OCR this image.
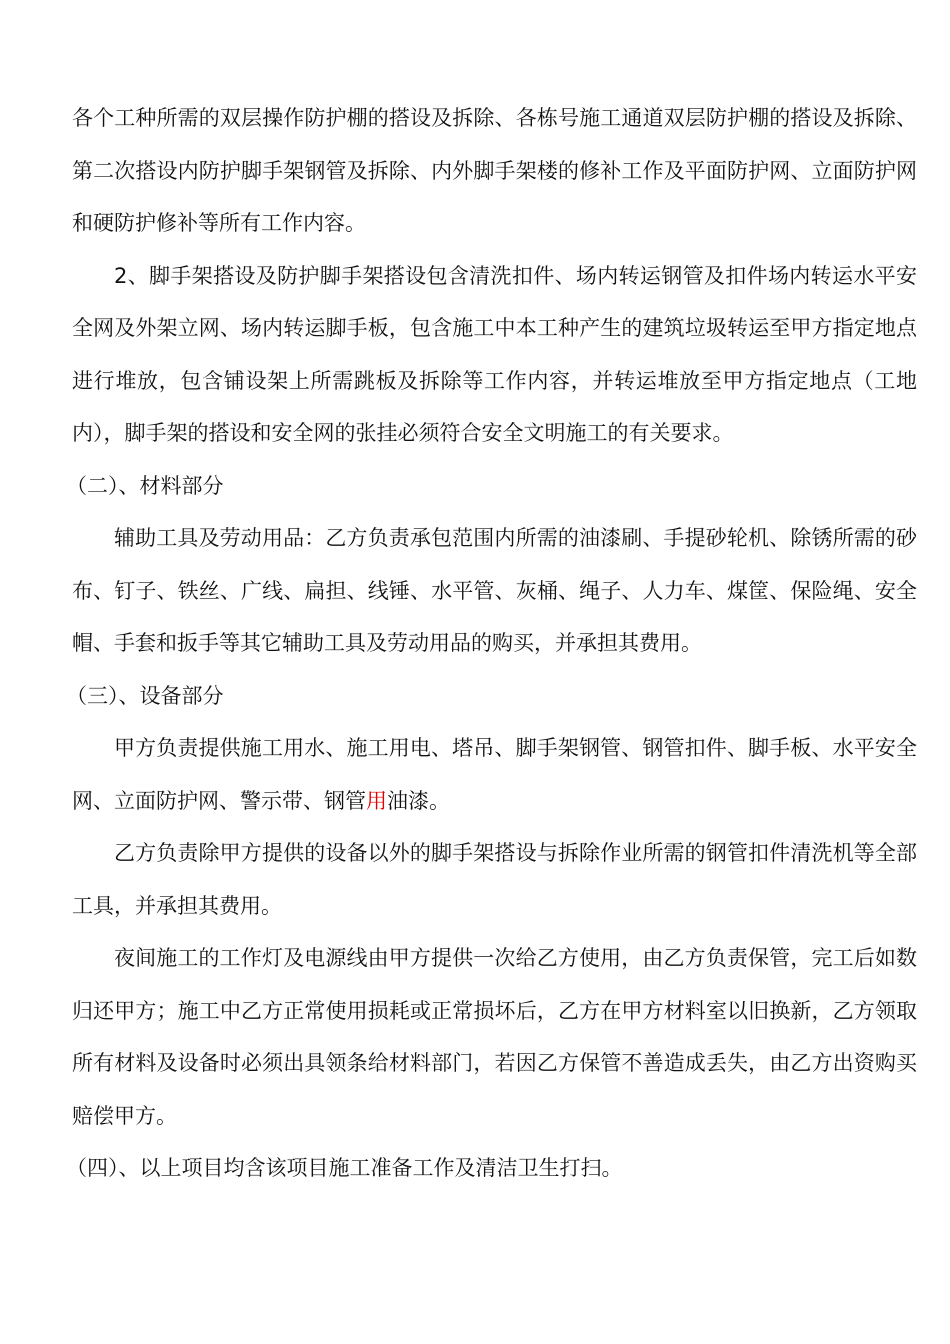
各个工种所需的双层操作防护棚的搭设及拆除、各栋号施工通道双层防护棚的搭设及拆除、第二次搭设内防护脚手架钢管及拆除、内外脚手架楼的修补工作及平面防护网、立面防护网和硬防护修补等所有工作内容。

2、脚手架搭设及防护脚手架搭设包含清洗扣件、场内转运钢管及扣件场内转运水平安全网及外架立网、场内转运脚手板，包含施工中本工种产生的建筑垃圾转运至甲方指定地点进行堆放，包含铺设架上所需跳板及拆除等工作内容，并转运堆放至甲方指定地点（工地内），脚手架的搭设和安全网的张挂必须符合安全文明施工的有关要求。

（二）、材料部分

辅助工具及劳动用品：乙方负责承包范围内所需的油漆刷、手提砂轮机、除锈所需的砂布、钉子、铁丝、广线、扁担、线锤、水平管、灰桶、绳子、人力车、煤筐、保险绳、安全帽、手套和扳手等其它辅助工具及劳动用品的购买，并承担其费用。

（三）、设备部分

甲方负责提供施工用水、施工用电、塔吊、脚手架钢管、钢管扣件、脚手板、水平安全网、立面防护网、警示带、钢管用油漆。

乙方负责除甲方提供的设备以外的脚手架搭设与拆除作业所需的钢管扣件清洗机等全部工具，并承担其费用。

夜间施工的工作灯及电源线由甲方提供一次给乙方使用，由乙方负责保管，完工后如数归还甲方；施工中乙方正常使用损耗或正常损坏后，乙方在甲方材料室以旧换新，乙方领取所有材料及设备时必须出具领条给材料部门，若因乙方保管不善造成丢失，由乙方出资购买赔偿甲方。

（四）、以上项目均含该项目施工准备工作及清洁卫生打扫。
